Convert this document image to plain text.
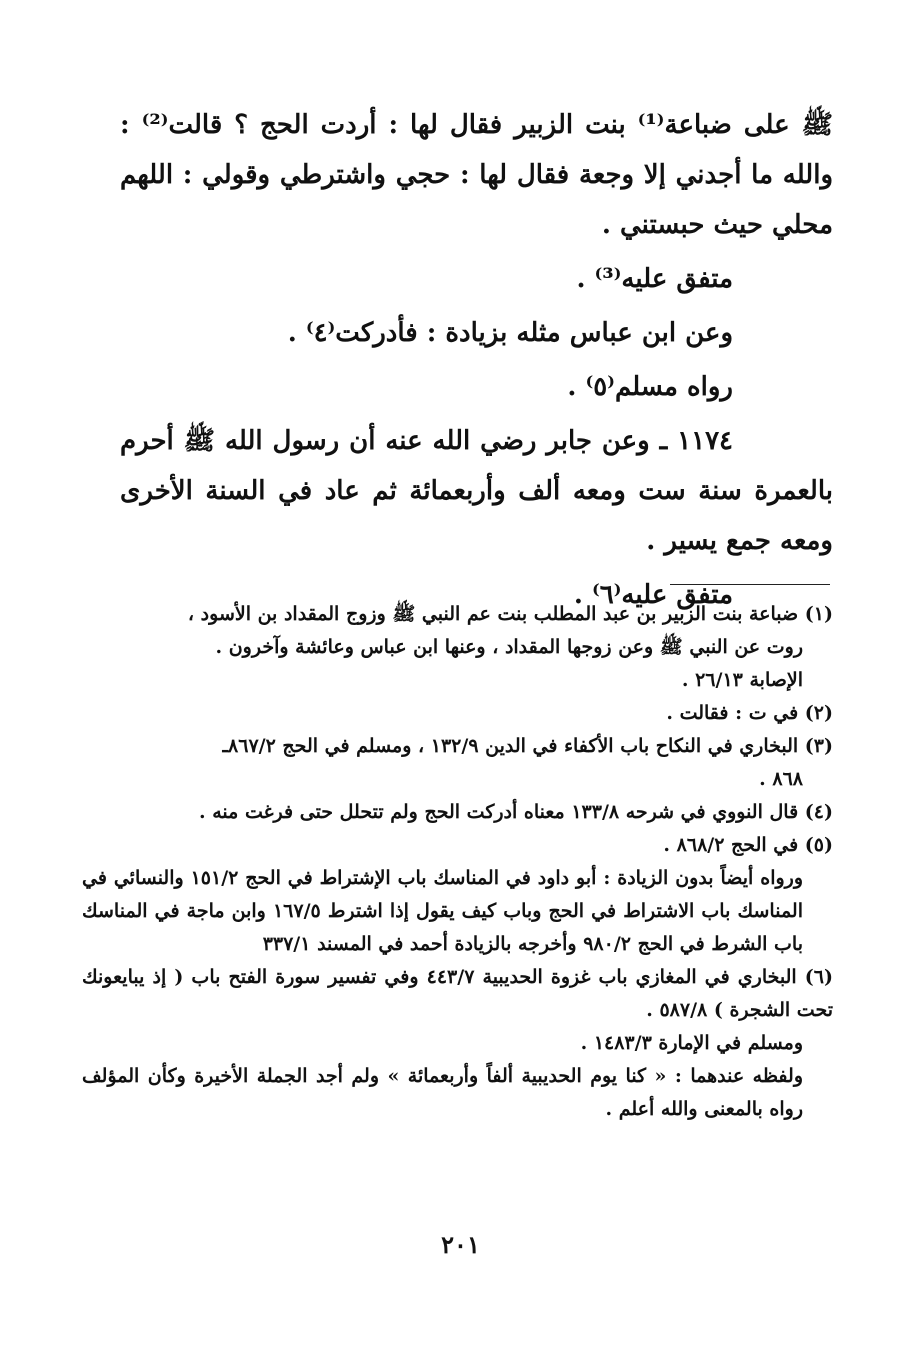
ﷺ على ضباعة⁽¹⁾ بنت الزبير فقال لها : أردت الحج ؟ قالت⁽²⁾ : والله ما أجدني إلا وجعة فقال لها : حجي واشترطي وقولي : اللهم محلي حيث حبستني .

متفق عليه⁽³⁾ .

وعن ابن عباس مثله بزيادة : فأدركت⁽٤⁾ .

رواه مسلم⁽٥⁾ .

١١٧٤ ـ وعن جابر رضي الله عنه أن رسول الله ﷺ أحرم بالعمرة سنة ست ومعه ألف وأربعمائة ثم عاد في السنة الأخرى ومعه جمع يسير .

متفق عليه⁽٦⁾ .

(١) ضباعة بنت الزبير بن عبد المطلب بنت عم النبي ﷺ وزوج المقداد بن الأسود ،

روت عن النبي ﷺ وعن زوجها المقداد ، وعنها ابن عباس وعائشة وآخرون .

الإصابة ٢٦/١٣ .

(٢) في ت : فقالت .

(٣) البخاري في النكاح باب الأكفاء في الدين ١٣٢/٩ ، ومسلم في الحج ٨٦٧/٢ـ

٨٦٨ .

(٤) قال النووي في شرحه ١٣٣/٨ معناه أدركت الحج ولم تتحلل حتى فرغت منه .

(٥) في الحج ٨٦٨/٢ .

ورواه أيضاً بدون الزيادة : أبو داود في المناسك باب الإشتراط في الحج ١٥١/٢ والنسائي في المناسك باب الاشتراط في الحج وباب كيف يقول إذا اشترط ١٦٧/٥ وابن ماجة في المناسك باب الشرط في الحج ٩٨٠/٢ وأخرجه بالزيادة أحمد في المسند ٣٣٧/١

(٦) البخاري في المغازي باب غزوة الحديبية ٤٤٣/٧ وفي تفسير سورة الفتح باب ( إذ يبايعونك تحت الشجرة ) ٥٨٧/٨ .

ومسلم في الإمارة ١٤٨٣/٣ .

ولفظه عندهما : « كنا يوم الحديبية ألفاً وأربعمائة » ولم أجد الجملة الأخيرة وكأن المؤلف رواه بالمعنى والله أعلم .

٢٠١
